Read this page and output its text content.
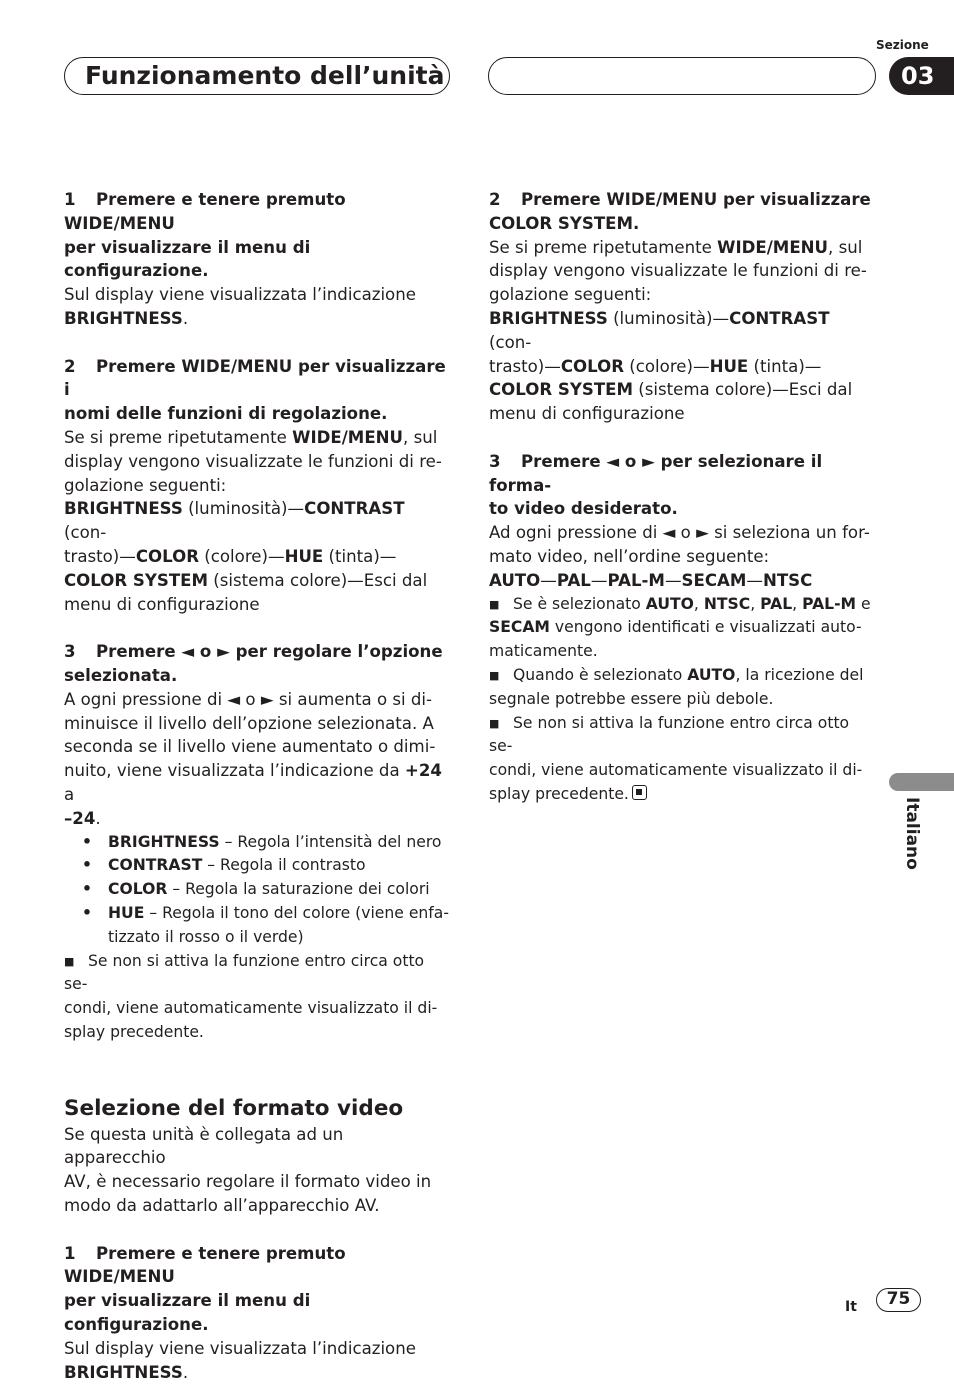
Funzionamento dell’unità
Sezione
03
Italiano

1 Premere e tenere premuto WIDE/MENU

per visualizzare il menu di configurazione.

Sul display viene visualizzata l’indicazione

BRIGHTNESS.

2 Premere WIDE/MENU per visualizzare i

nomi delle funzioni di regolazione.

Se si preme ripetutamente WIDE/MENU, sul

display vengono visualizzate le funzioni di re-

golazione seguenti:

BRIGHTNESS (luminosità)—CONTRAST (con-

trasto)—COLOR (colore)—HUE (tinta)—

COLOR SYSTEM (sistema colore)—Esci dal

menu di configurazione

3 Premere ◄ o ► per regolare l’opzione

selezionata.

A ogni pressione di ◄ o ► si aumenta o si di-

minuisce il livello dell’opzione selezionata. A

seconda se il livello viene aumentato o dimi-

nuito, viene visualizzata l’indicazione da +24 a

–24.

• BRIGHTNESS – Regola l’intensità del nero
• CONTRAST – Regola il contrasto
• COLOR – Regola la saturazione dei colori
• HUE – Regola il tono del colore (viene enfa-
tizzato il rosso o il verde)

■ Se non si attiva la funzione entro circa otto se-

condi, viene automaticamente visualizzato il di-

splay precedente.

Selezione del formato video

Se questa unità è collegata ad un apparecchio

AV, è necessario regolare il formato video in

modo da adattarlo all’apparecchio AV.

1 Premere e tenere premuto WIDE/MENU

per visualizzare il menu di configurazione.

Sul display viene visualizzata l’indicazione

BRIGHTNESS.

2 Premere WIDE/MENU per visualizzare

COLOR SYSTEM.

Se si preme ripetutamente WIDE/MENU, sul

display vengono visualizzate le funzioni di re-

golazione seguenti:

BRIGHTNESS (luminosità)—CONTRAST (con-

trasto)—COLOR (colore)—HUE (tinta)—

COLOR SYSTEM (sistema colore)—Esci dal

menu di configurazione

3 Premere ◄ o ► per selezionare il forma-

to video desiderato.

Ad ogni pressione di ◄ o ► si seleziona un for-

mato video, nell’ordine seguente:

AUTO—PAL—PAL-M—SECAM—NTSC

■ Se è selezionato AUTO, NTSC, PAL, PAL-M e

SECAM vengono identificati e visualizzati auto-

maticamente.

■ Quando è selezionato AUTO, la ricezione del

segnale potrebbe essere più debole.

■ Se non si attiva la funzione entro circa otto se-

condi, viene automaticamente visualizzato il di-

splay precedente.

It	75
